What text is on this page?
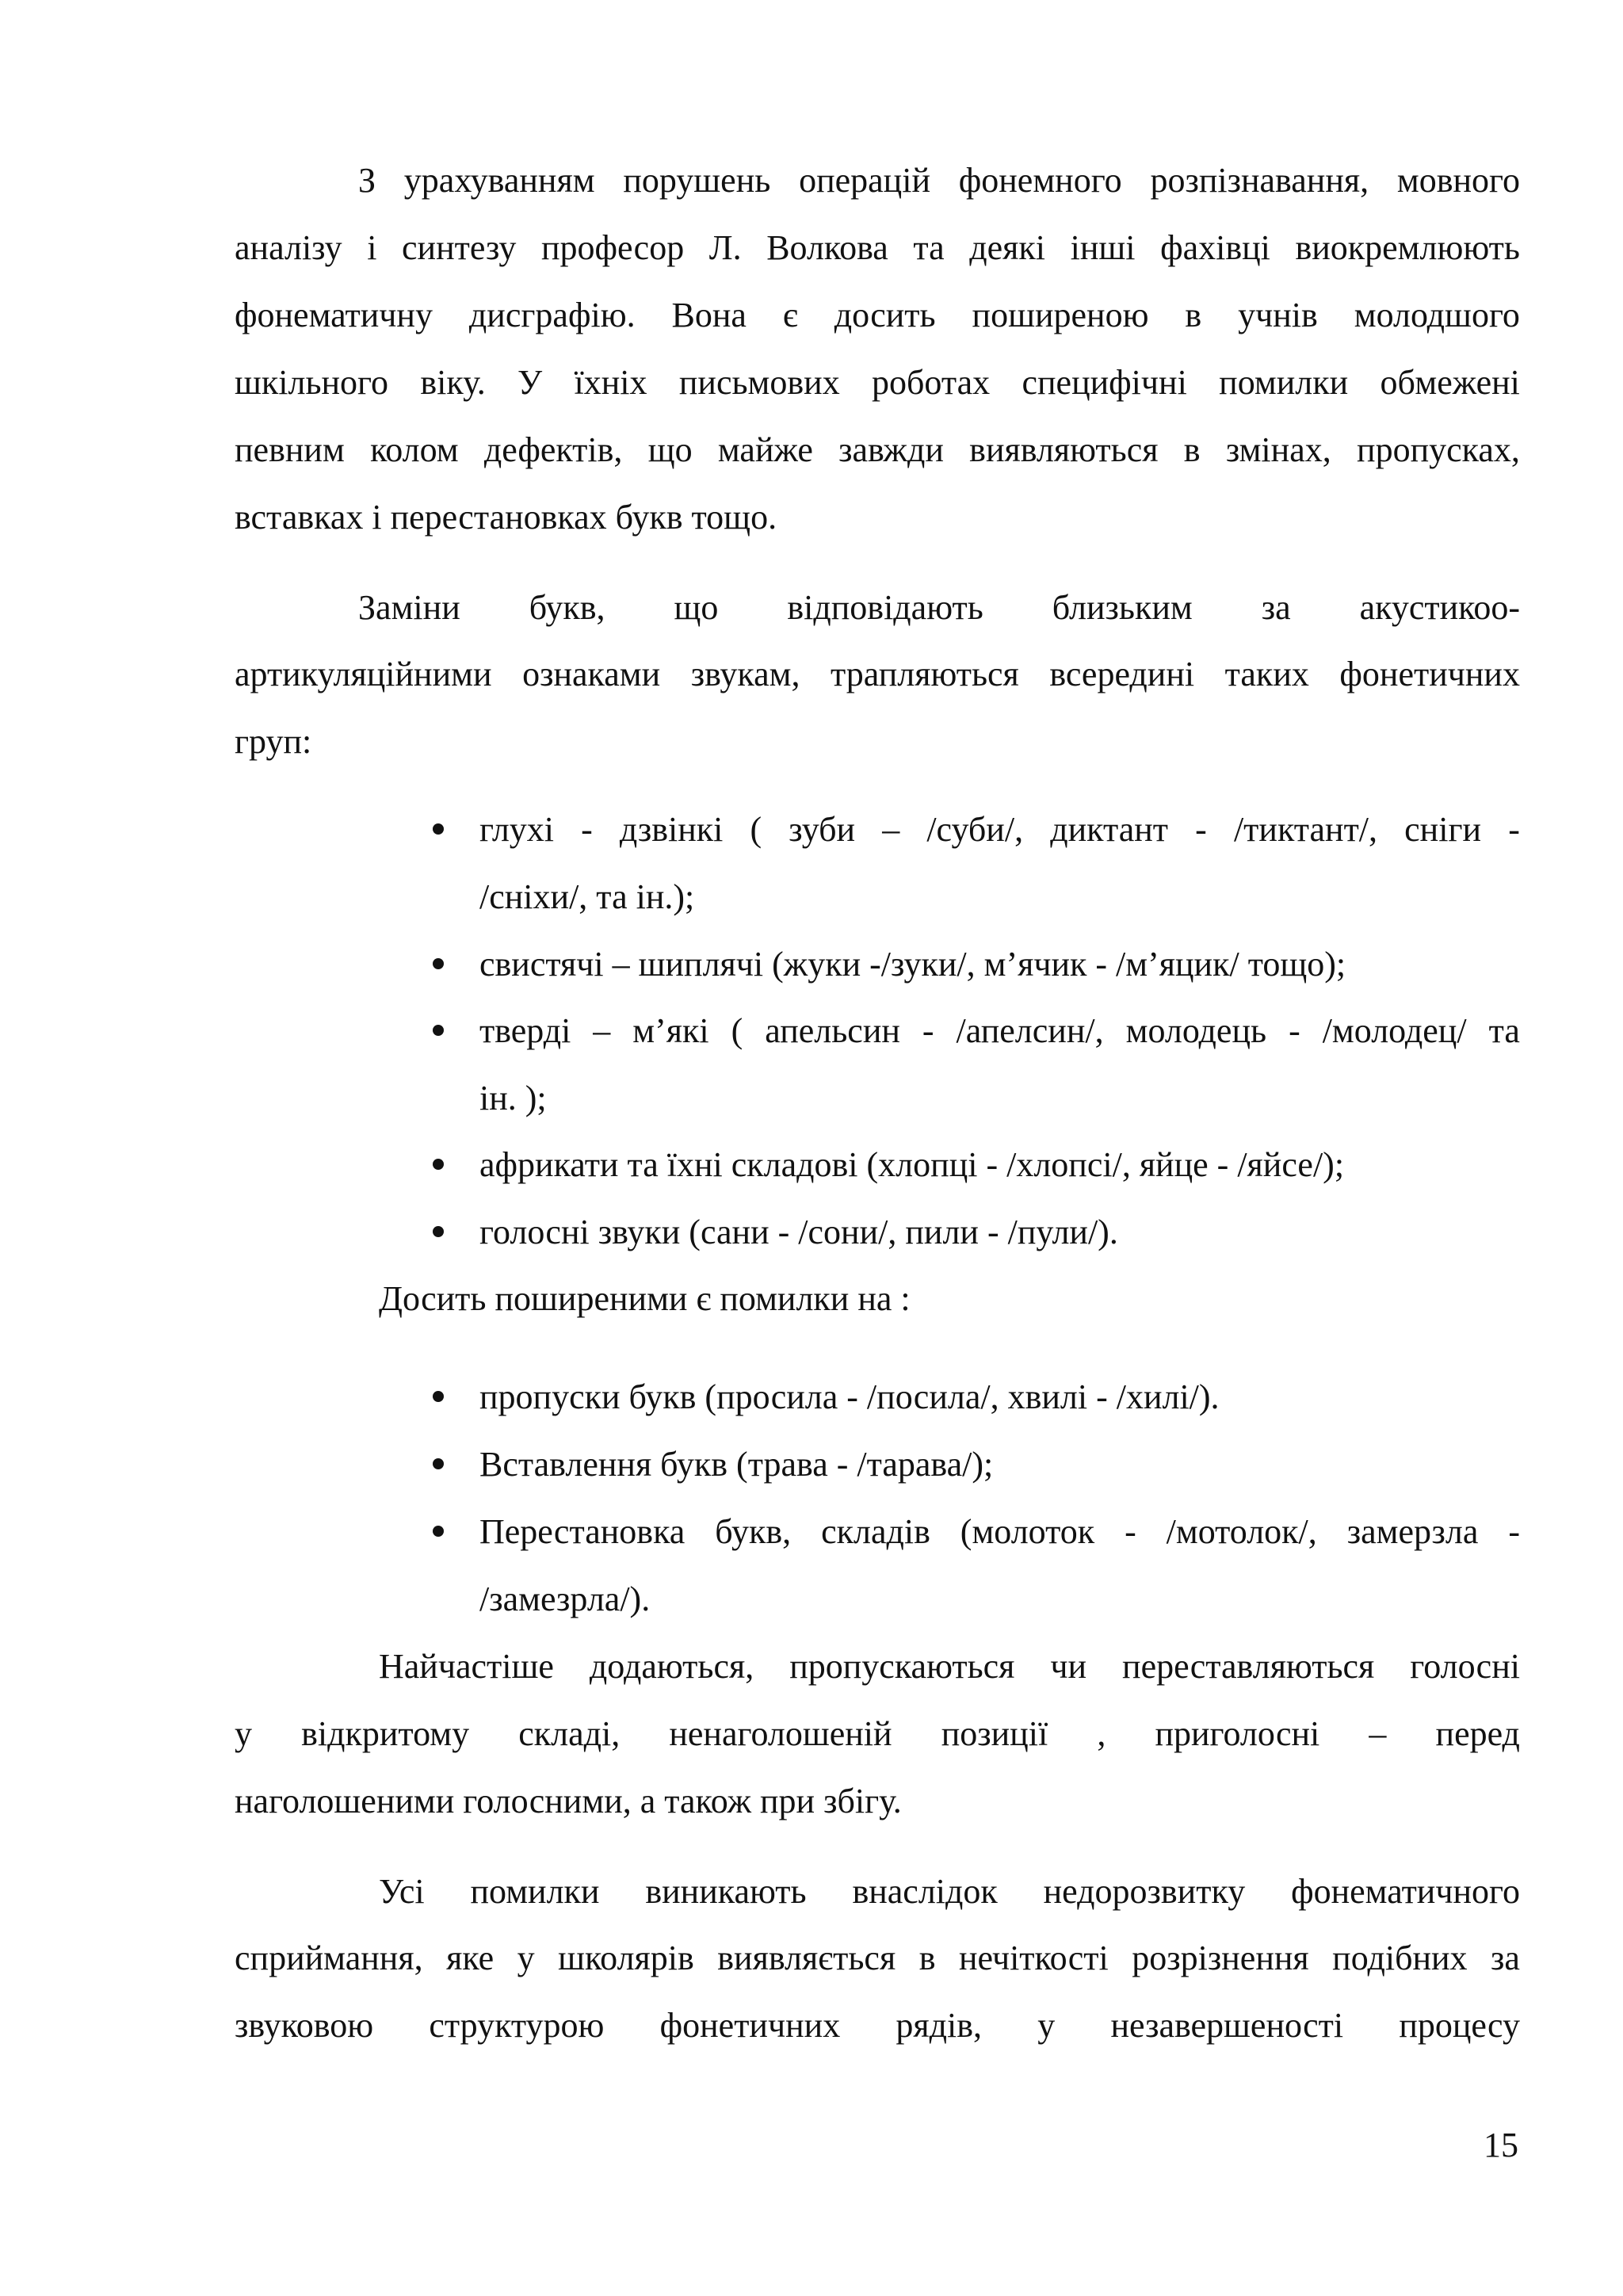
З урахуванням порушень операцій фонемного розпізнавання, мовного
аналізу і синтезу професор Л. Волкова та деякі інші фахівці виокремлюють
фонематичну дисграфію. Вона є досить поширеною в учнів молодшого
шкільного віку. У їхніх письмових роботах специфічні помилки обмежені
певним колом дефектів, що майже завжди виявляються в змінах, пропусках,
вставках і перестановках букв тощо.
Заміни букв, що відповідають близьким за акустикоо-
артикуляційними ознаками звукам, трапляються всередині таких фонетичних
груп:
глухі - дзвінкі ( зуби – /суби/, диктант - /тиктант/, сніги -
/сніхи/, та ін.);
свистячі – шиплячі (жуки -/зуки/, м’ячик - /м’яцик/ тощо);
тверді – м’які ( апельсин - /апелсин/, молодець - /молодец/ та
ін. );
африкати та їхні складові (хлопці - /хлопсі/, яйце - /яйсе/);
голосні звуки (сани - /сони/, пили - /пули/).
Досить поширеними є помилки на :
пропуски букв (просила - /посила/, хвилі - /хилі/).
Вставлення букв (трава - /тарава/);
Перестановка букв, складів (молоток - /мотолок/, замерзла -
/замезрла/).
Найчастіше додаються, пропускаються чи переставляються голосні
у відкритому складі, ненаголошеній позиції , приголосні – перед
наголошеними голосними, а також при збігу.
Усі помилки виникають внаслідок недорозвитку фонематичного
сприймання, яке у школярів виявляється в нечіткості розрізнення подібних за
звуковою структурою фонетичних рядів, у незавершеності процесу
15
